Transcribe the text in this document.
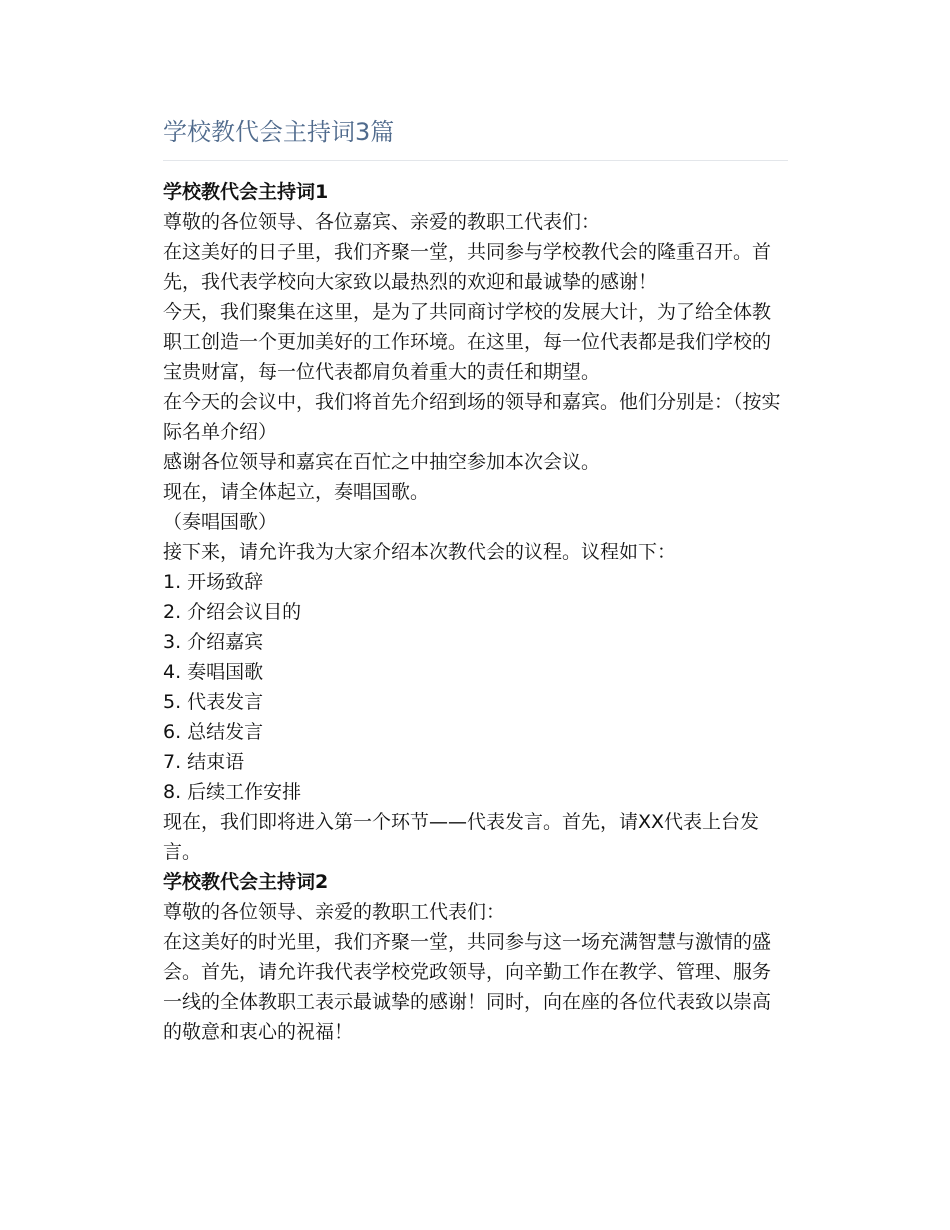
学校教代会主持词3篇

学校教代会主持词1

尊敬的各位领导、各位嘉宾、亲爱的教职工代表们：

在这美好的日子里，我们齐聚一堂，共同参与学校教代会的隆重召开。首先，我代表学校向大家致以最热烈的欢迎和最诚挚的感谢！

今天，我们聚集在这里，是为了共同商讨学校的发展大计，为了给全体教职工创造一个更加美好的工作环境。在这里，每一位代表都是我们学校的宝贵财富，每一位代表都肩负着重大的责任和期望。

在今天的会议中，我们将首先介绍到场的领导和嘉宾。他们分别是：（按实际名单介绍）

感谢各位领导和嘉宾在百忙之中抽空参加本次会议。

现在，请全体起立，奏唱国歌。

（奏唱国歌）

接下来，请允许我为大家介绍本次教代会的议程。议程如下：

1. 开场致辞

2. 介绍会议目的

3. 介绍嘉宾

4. 奏唱国歌

5. 代表发言

6. 总结发言

7. 结束语

8. 后续工作安排

现在，我们即将进入第一个环节——代表发言。首先，请XX代表上台发言。

学校教代会主持词2

尊敬的各位领导、亲爱的教职工代表们：

在这美好的时光里，我们齐聚一堂，共同参与这一场充满智慧与激情的盛会。首先，请允许我代表学校党政领导，向辛勤工作在教学、管理、服务一线的全体教职工表示最诚挚的感谢！同时，向在座的各位代表致以崇高的敬意和衷心的祝福！
